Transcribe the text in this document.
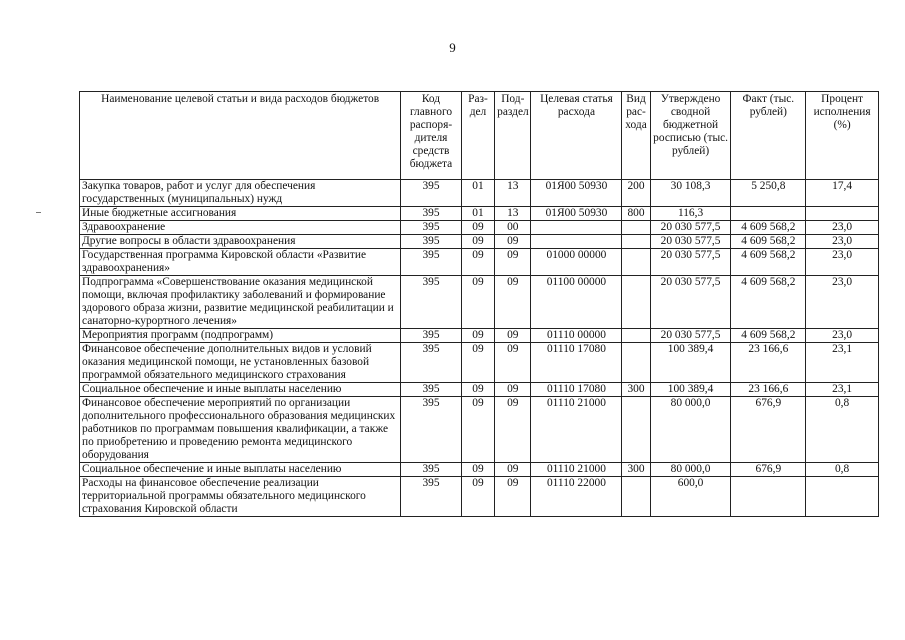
9
Наименование целевой статьи и вида расходов бюджетов	Код главного распоря-дителя средств бюджета	Раз-дел	Под-раздел	Целевая статья расхода	Вид рас-хода	Утверждено сводной бюджетной росписью (тыс. рублей)	Факт (тыс. рублей)	Процент исполнения (%)
Закупка товаров, работ и услуг для обеспечения государственных (муниципальных) нужд	395	01	13	01Я00 50930	200	30 108,3	5 250,8	17,4
Иные бюджетные ассигнования	395	01	13	01Я00 50930	800	116,3		
Здравоохранение	395	09	00			20 030 577,5	4 609 568,2	23,0
Другие вопросы в области здравоохранения	395	09	09			20 030 577,5	4 609 568,2	23,0
Государственная программа Кировской области «Развитие здравоохранения»	395	09	09	01000 00000		20 030 577,5	4 609 568,2	23,0
Подпрограмма «Совершенствование оказания медицинской помощи, включая профилактику заболеваний и формирование здорового образа жизни, развитие медицинской реабилитации и санаторно-курортного лечения»	395	09	09	01100 00000		20 030 577,5	4 609 568,2	23,0
Мероприятия программ (подпрограмм)	395	09	09	01110 00000		20 030 577,5	4 609 568,2	23,0
Финансовое обеспечение дополнительных видов и условий оказания медицинской помощи, не установленных базовой программой обязательного медицинского страхования	395	09	09	01110 17080		100 389,4	23 166,6	23,1
Социальное обеспечение и иные выплаты населению	395	09	09	01110 17080	300	100 389,4	23 166,6	23,1
Финансовое обеспечение мероприятий по организации дополнительного профессионального образования медицинских работников по программам повышения квалификации, а также по приобретению и проведению ремонта медицинского оборудования	395	09	09	01110 21000		80 000,0	676,9	0,8
Социальное обеспечение и иные выплаты населению	395	09	09	01110 21000	300	80 000,0	676,9	0,8
Расходы на финансовое обеспечение реализации территориальной программы обязательного медицинского страхования Кировской области	395	09	09	01110 22000		600,0		
